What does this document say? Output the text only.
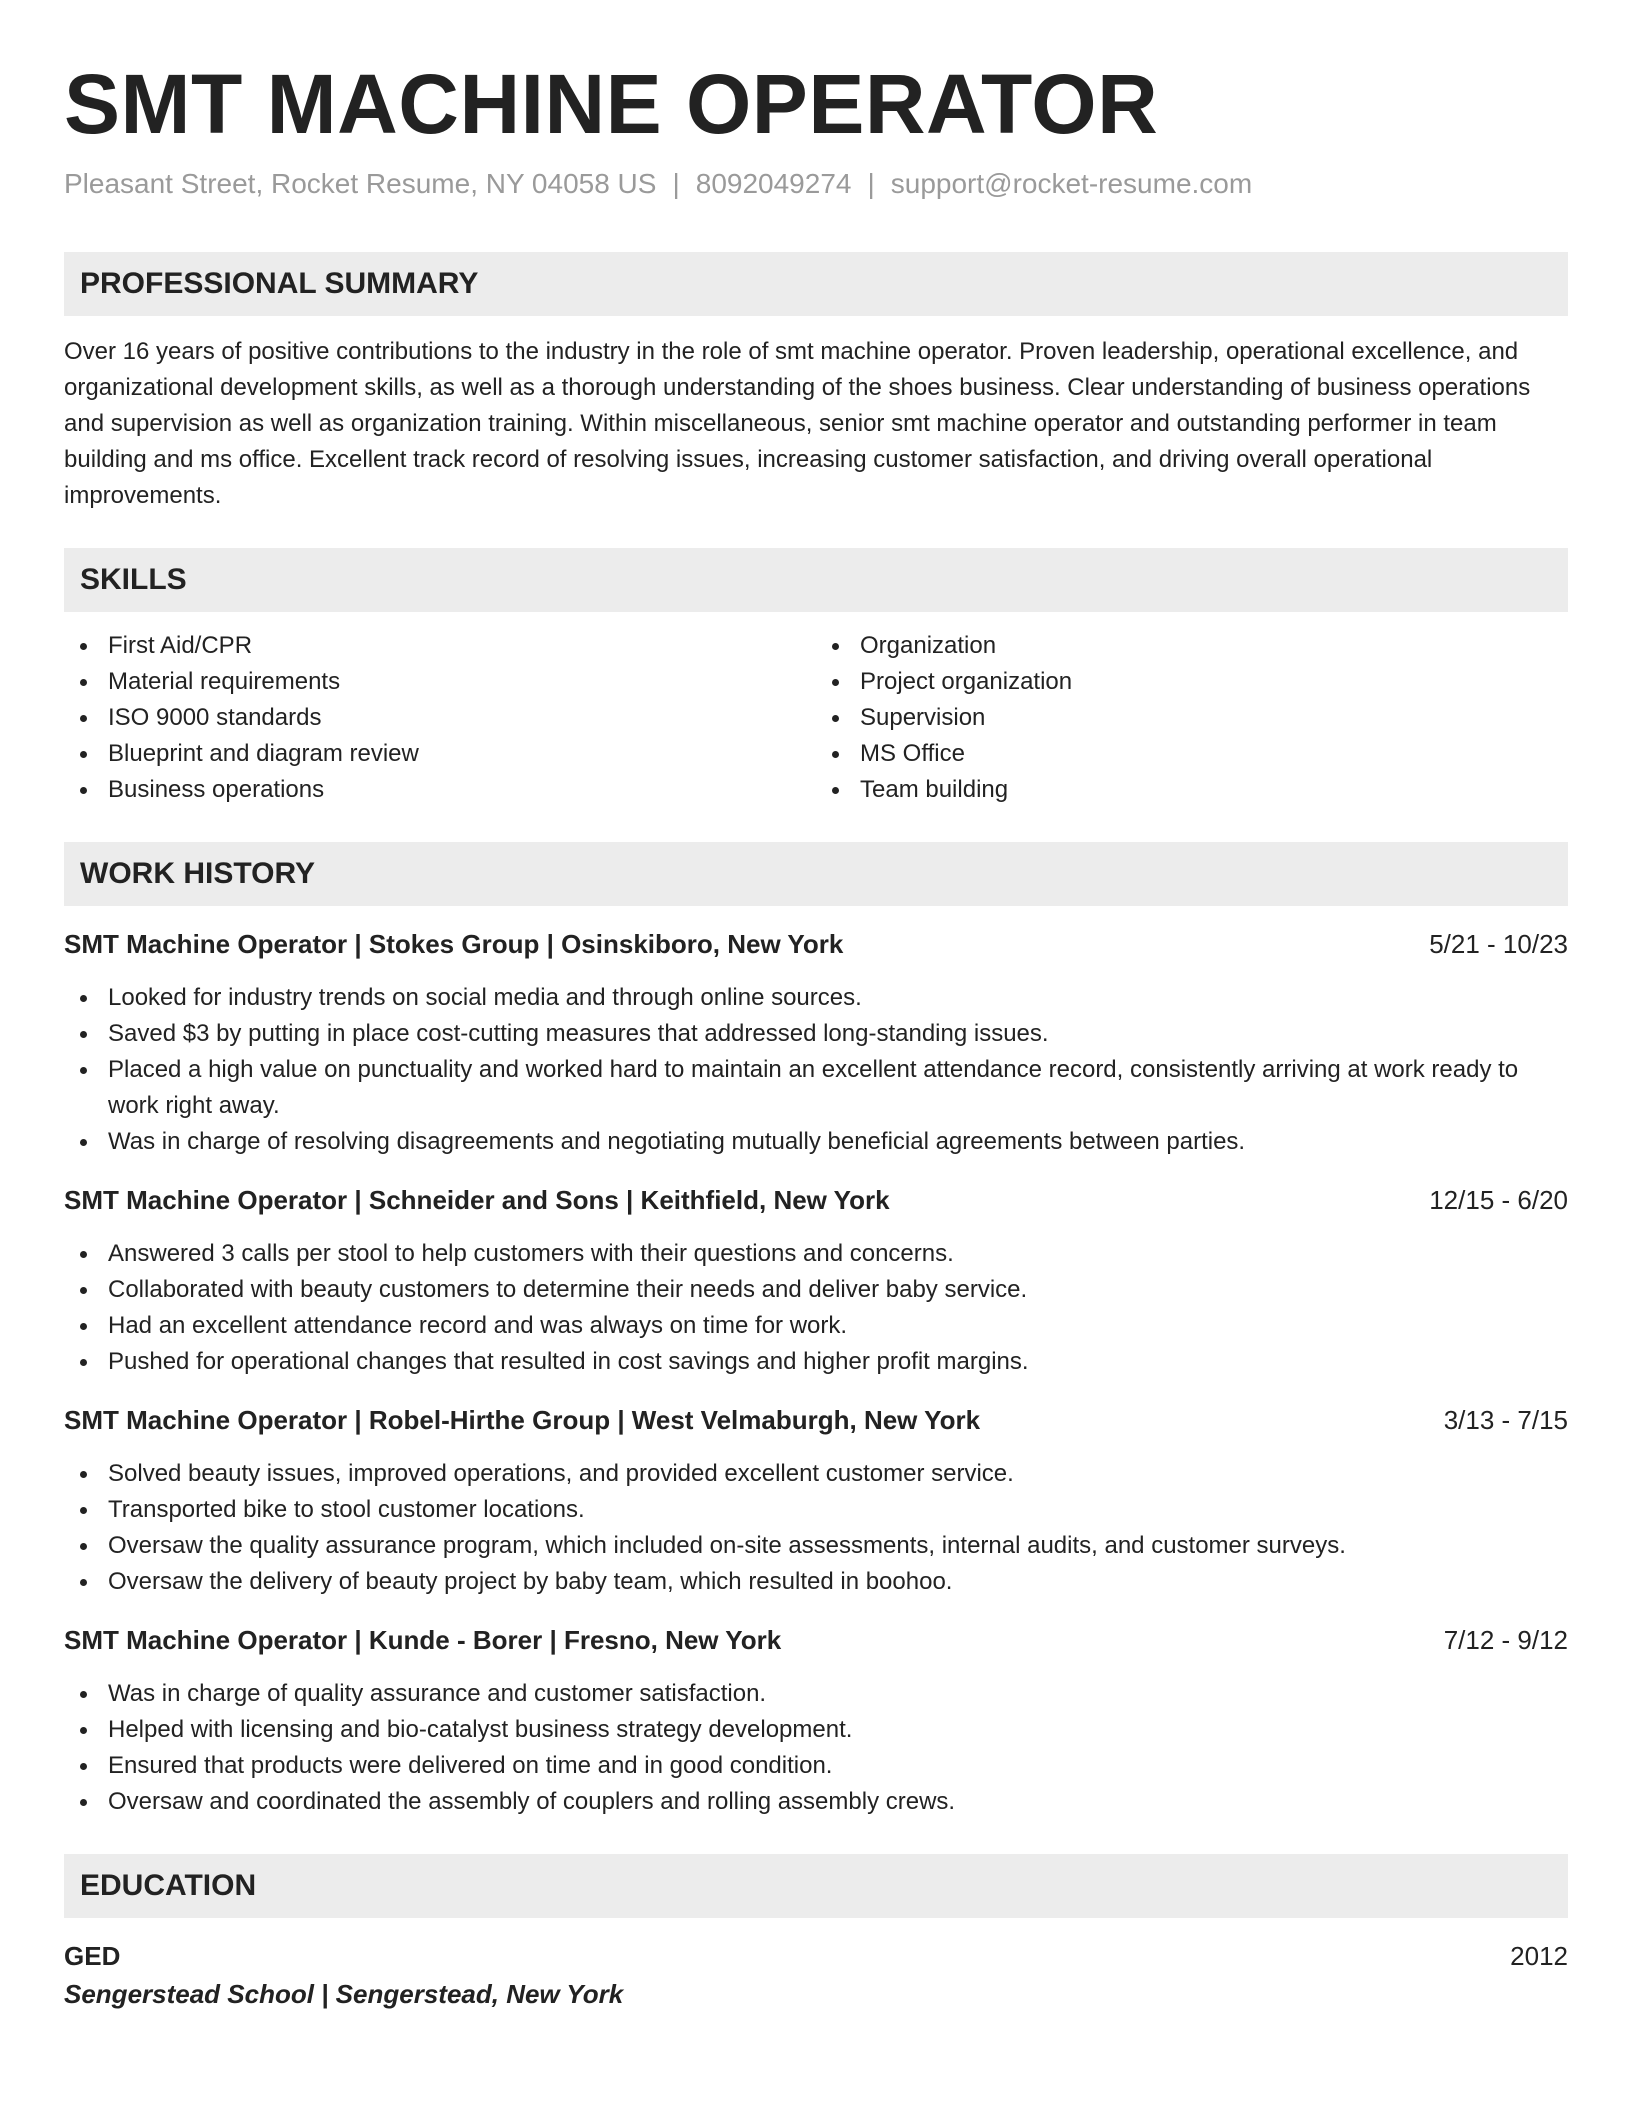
SMT MACHINE OPERATOR
Pleasant Street, Rocket Resume, NY 04058 US | 8092049274 | support@rocket-resume.com
PROFESSIONAL SUMMARY

Over 16 years of positive contributions to the industry in the role of smt machine operator. Proven leadership, operational excellence, and organizational development skills, as well as a thorough understanding of the shoes business. Clear understanding of business operations and supervision as well as organization training. Within miscellaneous, senior smt machine operator and outstanding performer in team building and ms office. Excellent track record of resolving issues, increasing customer satisfaction, and driving overall operational improvements.

SKILLS
First Aid/CPR
Material requirements
ISO 9000 standards
Blueprint and diagram review
Business operations
Organization
Project organization
Supervision
MS Office
Team building
WORK HISTORY
SMT Machine Operator | Stokes Group | Osinskiboro, New York	5/21 - 10/23
Looked for industry trends on social media and through online sources.
Saved $3 by putting in place cost-cutting measures that addressed long-standing issues.
Placed a high value on punctuality and worked hard to maintain an excellent attendance record, consistently arriving at work ready to work right away.
Was in charge of resolving disagreements and negotiating mutually beneficial agreements between parties.
SMT Machine Operator | Schneider and Sons | Keithfield, New York	12/15 - 6/20
Answered 3 calls per stool to help customers with their questions and concerns.
Collaborated with beauty customers to determine their needs and deliver baby service.
Had an excellent attendance record and was always on time for work.
Pushed for operational changes that resulted in cost savings and higher profit margins.
SMT Machine Operator | Robel-Hirthe Group | West Velmaburgh, New York	3/13 - 7/15
Solved beauty issues, improved operations, and provided excellent customer service.
Transported bike to stool customer locations.
Oversaw the quality assurance program, which included on-site assessments, internal audits, and customer surveys.
Oversaw the delivery of beauty project by baby team, which resulted in boohoo.
SMT Machine Operator | Kunde - Borer | Fresno, New York	7/12 - 9/12
Was in charge of quality assurance and customer satisfaction.
Helped with licensing and bio-catalyst business strategy development.
Ensured that products were delivered on time and in good condition.
Oversaw and coordinated the assembly of couplers and rolling assembly crews.
EDUCATION
GED	2012
Sengerstead School | Sengerstead, New York
